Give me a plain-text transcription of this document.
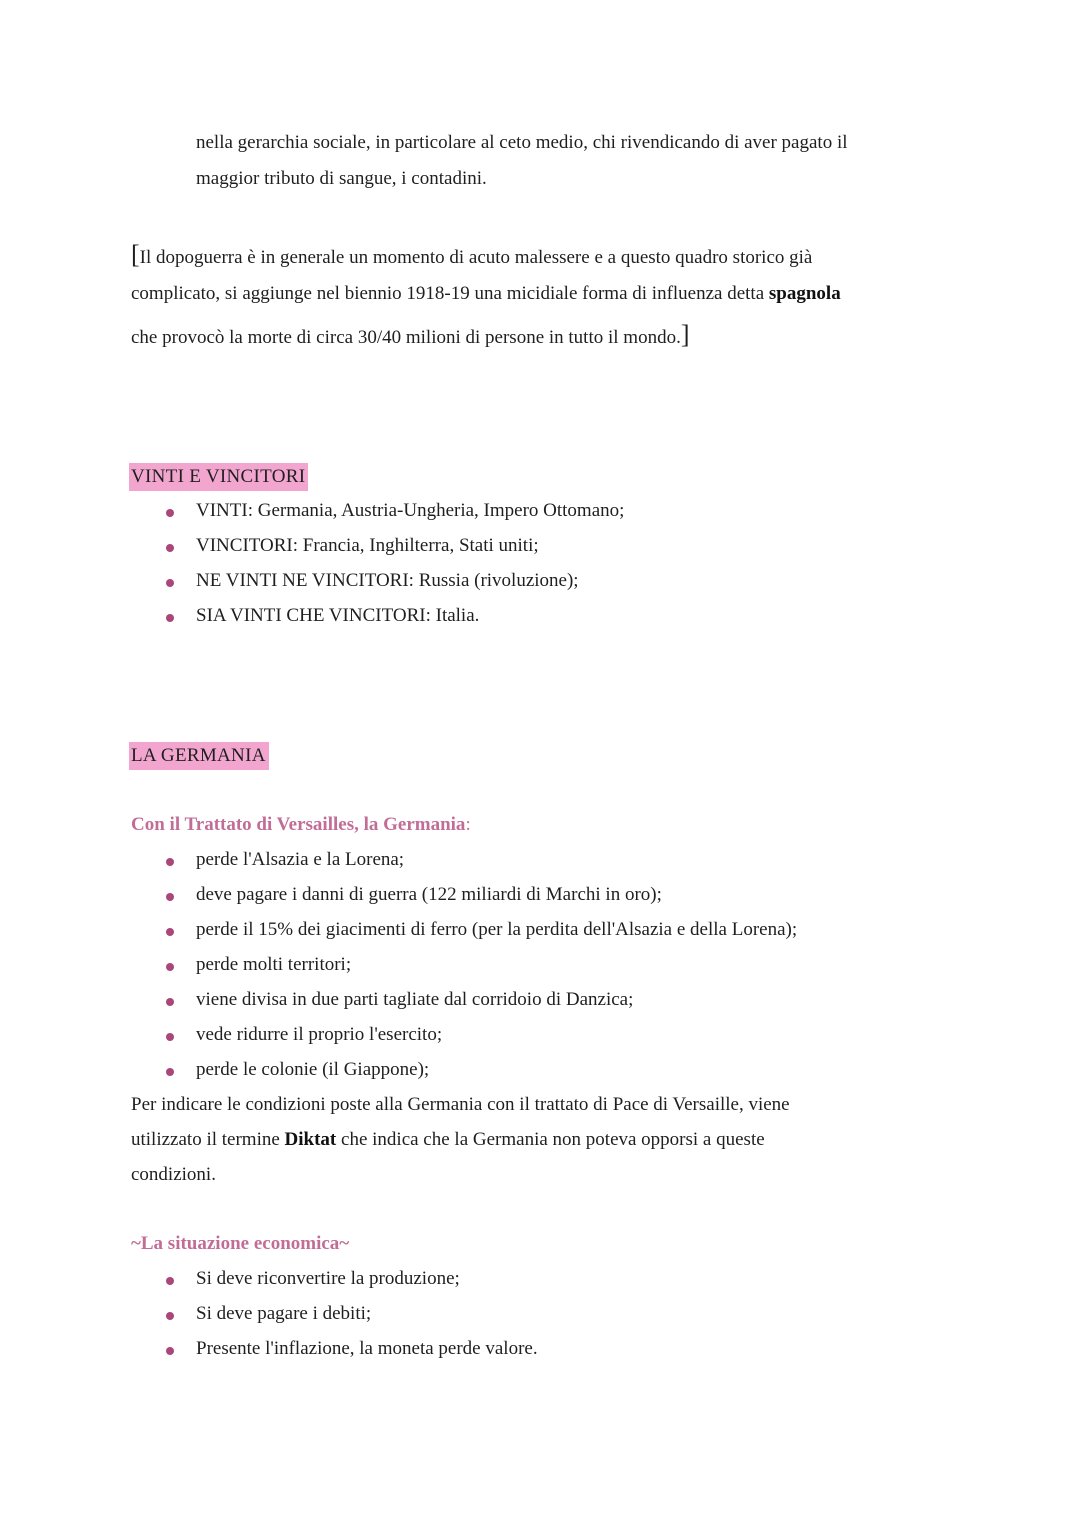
nella gerarchia sociale, in particolare al ceto medio, chi rivendicando di aver pagato il
maggior tributo di sangue, i contadini.
[Il dopoguerra è in generale un momento di acuto malessere e a questo quadro storico già
complicato, si aggiunge nel biennio 1918-19 una micidiale forma di influenza detta spagnola
che provocò la morte di circa 30/40 milioni di persone in tutto il mondo.]
VINTI E VINCITORI
VINTI: Germania, Austria-Ungheria, Impero Ottomano;
VINCITORI: Francia, Inghilterra, Stati uniti;
NE VINTI NE VINCITORI: Russia (rivoluzione);
SIA VINTI CHE VINCITORI: Italia.
LA GERMANIA
Con il Trattato di Versailles, la Germania:
perde l'Alsazia e la Lorena;
deve pagare i danni di guerra (122 miliardi di Marchi in oro);
perde il 15% dei giacimenti di ferro (per la perdita dell'Alsazia e della Lorena);
perde molti territori;
viene divisa in due parti tagliate dal corridoio di Danzica;
vede ridurre il proprio l'esercito;
perde le colonie (il Giappone);
Per indicare le condizioni poste alla Germania con il trattato di Pace di Versaille, viene
utilizzato il termine Diktat che indica che la Germania non poteva opporsi a queste
condizioni.
~La situazione economica~
Si deve riconvertire la produzione;
Si deve pagare i debiti;
Presente l'inflazione, la moneta perde valore.
